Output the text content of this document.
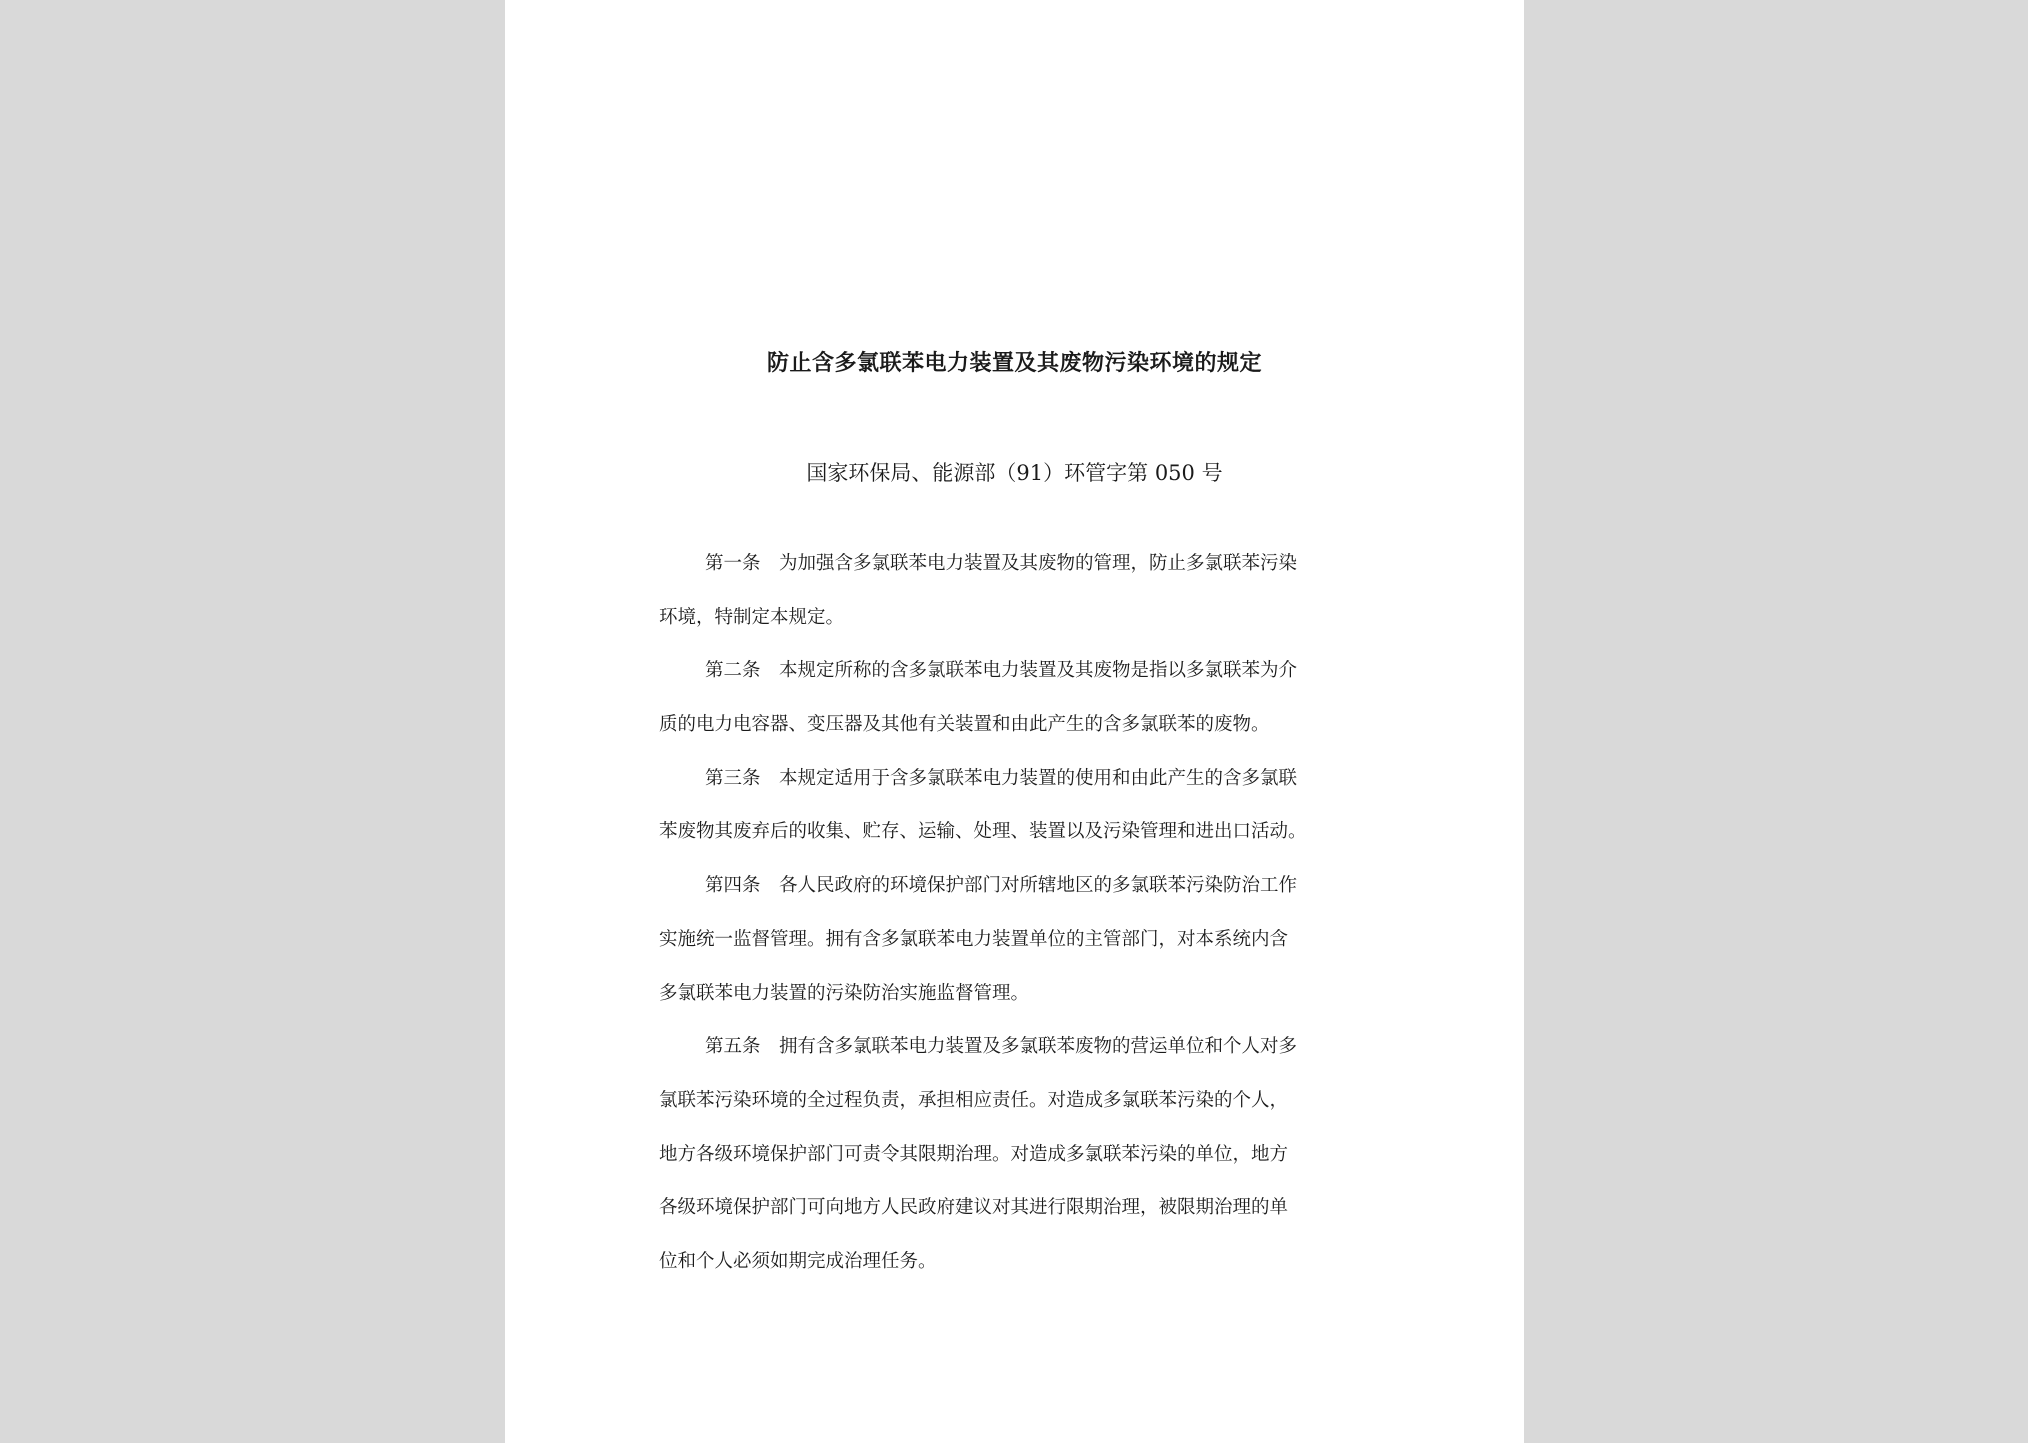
防止含多氯联苯电力装置及其废物污染环境的规定

国家环保局、能源部（91）环管字第 050 号

第一条　为加强含多氯联苯电力装置及其废物的管理，防止多氯联苯污染
环境，特制定本规定。
第二条　本规定所称的含多氯联苯电力装置及其废物是指以多氯联苯为介
质的电力电容器、变压器及其他有关装置和由此产生的含多氯联苯的废物。
第三条　本规定适用于含多氯联苯电力装置的使用和由此产生的含多氯联
苯废物其废弃后的收集、贮存、运输、处理、装置以及污染管理和进出口活动。
第四条　各人民政府的环境保护部门对所辖地区的多氯联苯污染防治工作
实施统一监督管理。拥有含多氯联苯电力装置单位的主管部门，对本系统内含
多氯联苯电力装置的污染防治实施监督管理。
第五条　拥有含多氯联苯电力装置及多氯联苯废物的营运单位和个人对多
氯联苯污染环境的全过程负责，承担相应责任。对造成多氯联苯污染的个人，
地方各级环境保护部门可责令其限期治理。对造成多氯联苯污染的单位，地方
各级环境保护部门可向地方人民政府建议对其进行限期治理，被限期治理的单
位和个人必须如期完成治理任务。
